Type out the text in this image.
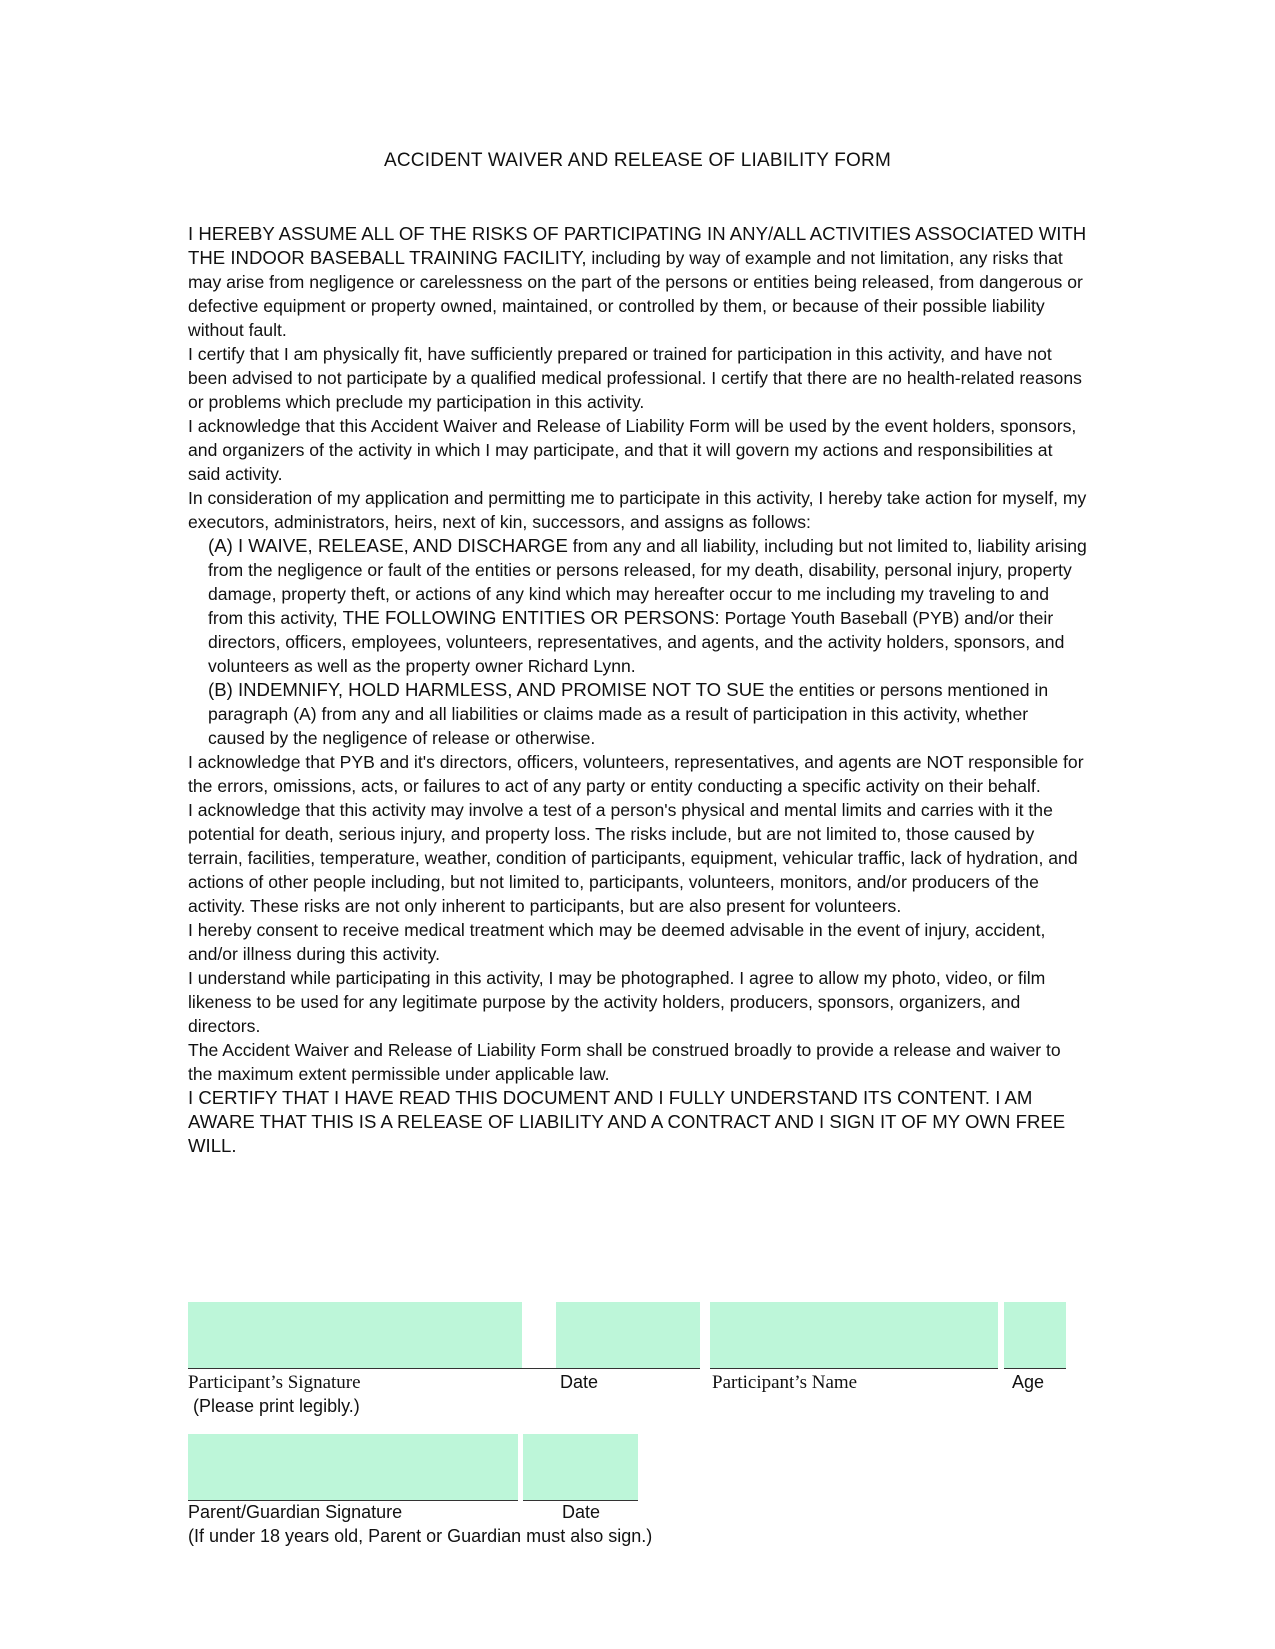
ACCIDENT WAIVER AND RELEASE OF LIABILITY FORM

I HEREBY ASSUME ALL OF THE RISKS OF PARTICIPATING IN ANY/ALL ACTIVITIES ASSOCIATED WITH THE INDOOR BASEBALL TRAINING FACILITY, including by way of example and not limitation, any risks that may arise from negligence or carelessness on the part of the persons or entities being released, from dangerous or defective equipment or property owned, maintained, or controlled by them, or because of their possible liability without fault.

I certify that I am physically fit, have sufficiently prepared or trained for participation in this activity, and have not been advised to not participate by a qualified medical professional. I certify that there are no health-related reasons or problems which preclude my participation in this activity.

I acknowledge that this Accident Waiver and Release of Liability Form will be used by the event holders, sponsors, and organizers of the activity in which I may participate, and that it will govern my actions and responsibilities at said activity.

In consideration of my application and permitting me to participate in this activity, I hereby take action for myself, my executors, administrators, heirs, next of kin, successors, and assigns as follows:

(A) I WAIVE, RELEASE, AND DISCHARGE from any and all liability, including but not limited to, liability arising from the negligence or fault of the entities or persons released, for my death, disability, personal injury, property damage, property theft, or actions of any kind which may hereafter occur to me including my traveling to and from this activity, THE FOLLOWING ENTITIES OR PERSONS: Portage Youth Baseball (PYB) and/or their directors, officers, employees, volunteers, representatives, and agents, and the activity holders, sponsors, and volunteers as well as the property owner Richard Lynn.

(B) INDEMNIFY, HOLD HARMLESS, AND PROMISE NOT TO SUE the entities or persons mentioned in paragraph (A) from any and all liabilities or claims made as a result of participation in this activity, whether caused by the negligence of release or otherwise.

I acknowledge that PYB and it's directors, officers, volunteers, representatives, and agents are NOT responsible for the errors, omissions, acts, or failures to act of any party or entity conducting a specific activity on their behalf.

I acknowledge that this activity may involve a test of a person's physical and mental limits and carries with it the potential for death, serious injury, and property loss. The risks include, but are not limited to, those caused by terrain, facilities, temperature, weather, condition of participants, equipment, vehicular traffic, lack of hydration, and actions of other people including, but not limited to, participants, volunteers, monitors, and/or producers of the activity. These risks are not only inherent to participants, but are also present for volunteers.

I hereby consent to receive medical treatment which may be deemed advisable in the event of injury, accident, and/or illness during this activity.

I understand while participating in this activity, I may be photographed. I agree to allow my photo, video, or film likeness to be used for any legitimate purpose by the activity holders, producers, sponsors, organizers, and directors.

The Accident Waiver and Release of Liability Form shall be construed broadly to provide a release and waiver to the maximum extent permissible under applicable law.

I CERTIFY THAT I HAVE READ THIS DOCUMENT AND I FULLY UNDERSTAND ITS CONTENT. I AM AWARE THAT THIS IS A RELEASE OF LIABILITY AND A CONTRACT AND I SIGN IT OF MY OWN FREE WILL.

Participant’s Signature	Date	Participant’s Name	Age
(Please print legibly.)
Parent/Guardian Signature	Date
(If under 18 years old, Parent or Guardian must also sign.)
